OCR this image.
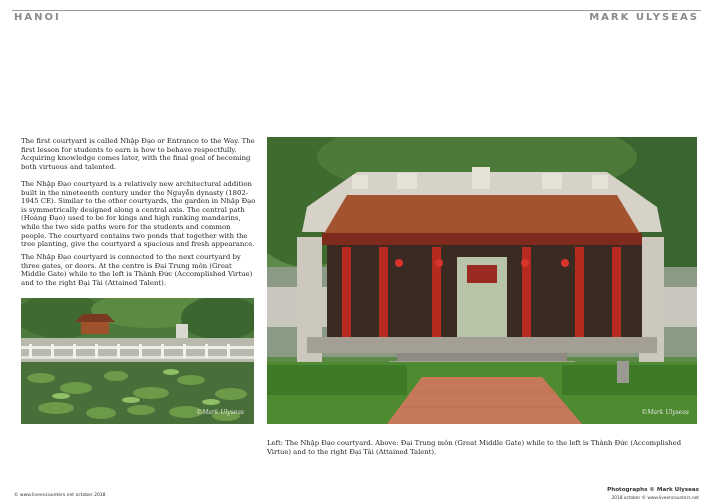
HANOI	MARK ULYSEAS

The first courtyard is called Nhập Đạo or Entrance to the Way. The first lesson for students to earn is how to behave respectfully. Acquiring knowledge comes later, with the final goal of becoming both virtuous and talented.

The Nhập Đạo courtyard is a relatively new architectural addition built in the nineteenth century under the Nguyễn dynasty (1802-1945 CE). Similar to the other courtyards, the garden in Nhập Đạo is symmetrically designed along a central axis. The central path (Hoàng Đạo) used to be for kings and high ranking mandarins, while the two side paths were for the students and common people. The courtyard contains two ponds that together with the tree planting, give the courtyard a spacious and fresh appearance.

The Nhập Đạo courtyard is connected to the next courtyard by three gates, or doors. At the centre is Đại Trung môn (Great Middle Gate) while to the left is Thành Đức (Accomplished Virtue) and to the right Đại Tài (Attained Talent).

©Mark Ulyseas	©Mark Ulyseas

Left: The Nhập Đạo courtyard. Above: Đại Trung môn (Great Middle Gate) while to the left is Thành Đức (Accomplished Virtue) and to the right Đại Tài (Attained Talent).

© www.liveencounters.net october 2018
Photographs © Mark Ulyseas
2018 october © www.liveencounters.net
